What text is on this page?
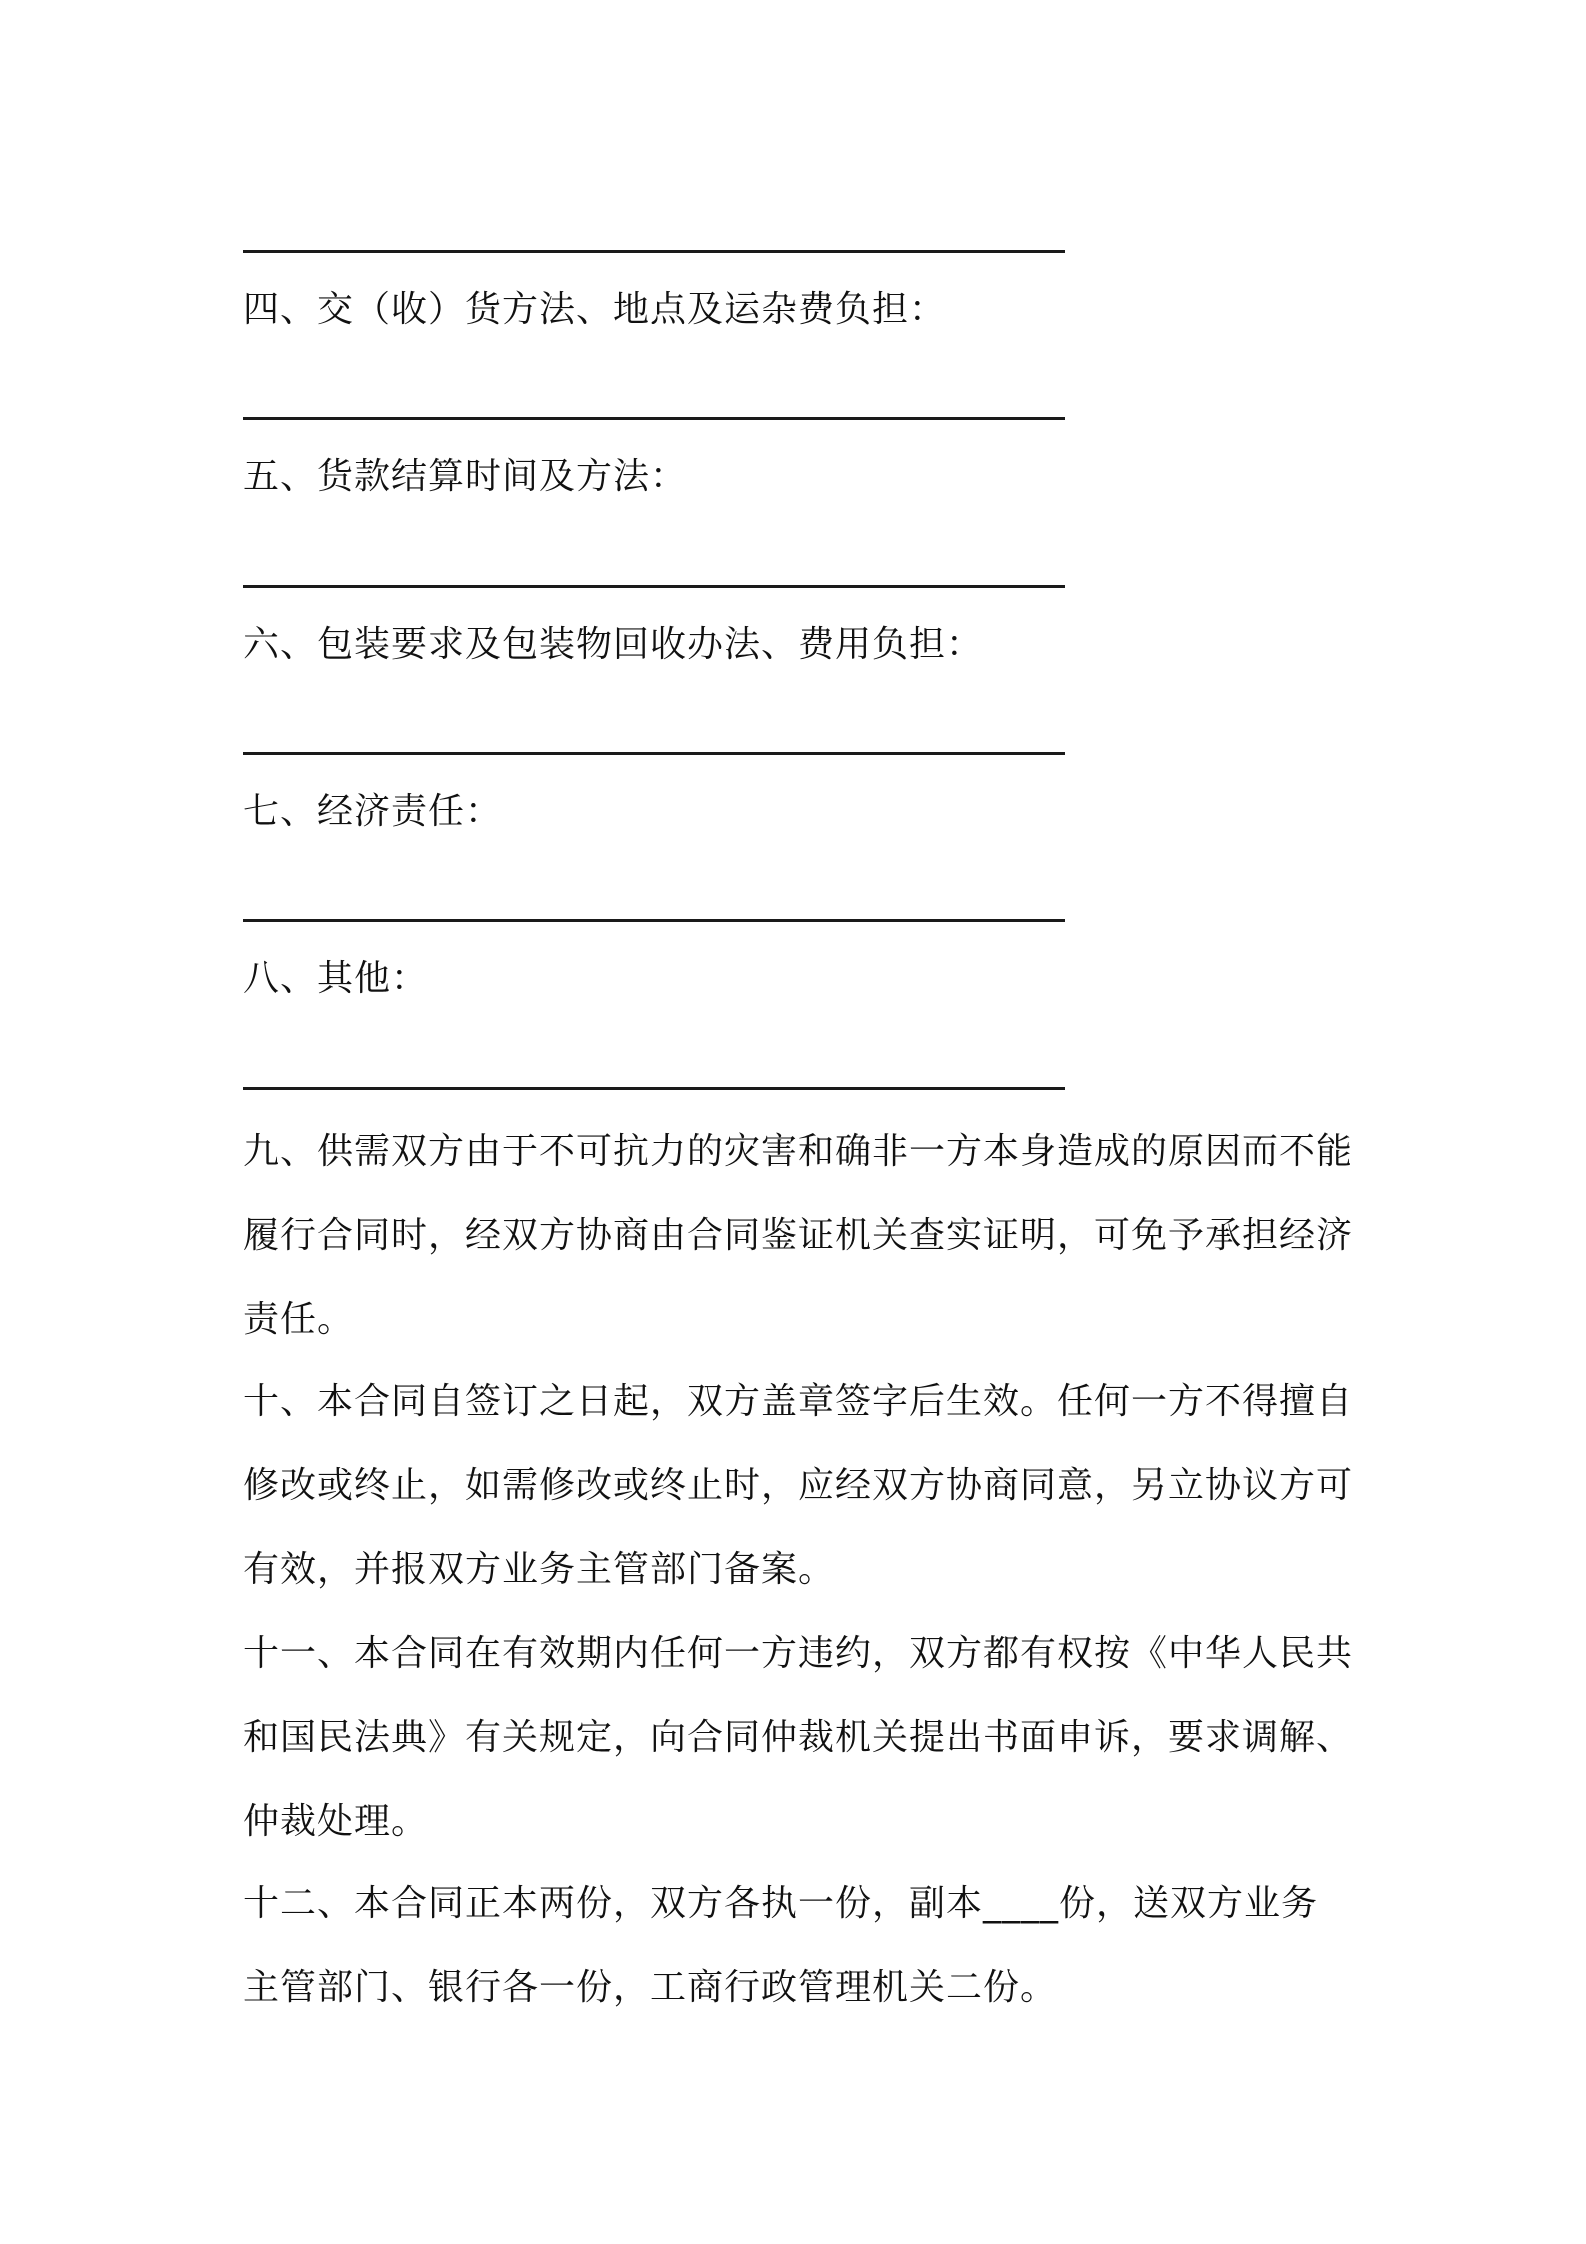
四、交（收）货方法、地点及运杂费负担：
五、货款结算时间及方法：
六、包装要求及包装物回收办法、费用负担：
七、经济责任：
八、其他：
九、供需双方由于不可抗力的灾害和确非一方本身造成的原因而不能
履行合同时，经双方协商由合同鉴证机关查实证明，可免予承担经济
责任。
十、本合同自签订之日起，双方盖章签字后生效。任何一方不得擅自
修改或终止，如需修改或终止时，应经双方协商同意，另立协议方可
有效，并报双方业务主管部门备案。
十一、本合同在有效期内任何一方违约，双方都有权按《中华人民共
和国民法典》有关规定，向合同仲裁机关提出书面申诉，要求调解、
仲裁处理。
十二、本合同正本两份，双方各执一份，副本____份，送双方业务
主管部门、银行各一份，工商行政管理机关二份。
